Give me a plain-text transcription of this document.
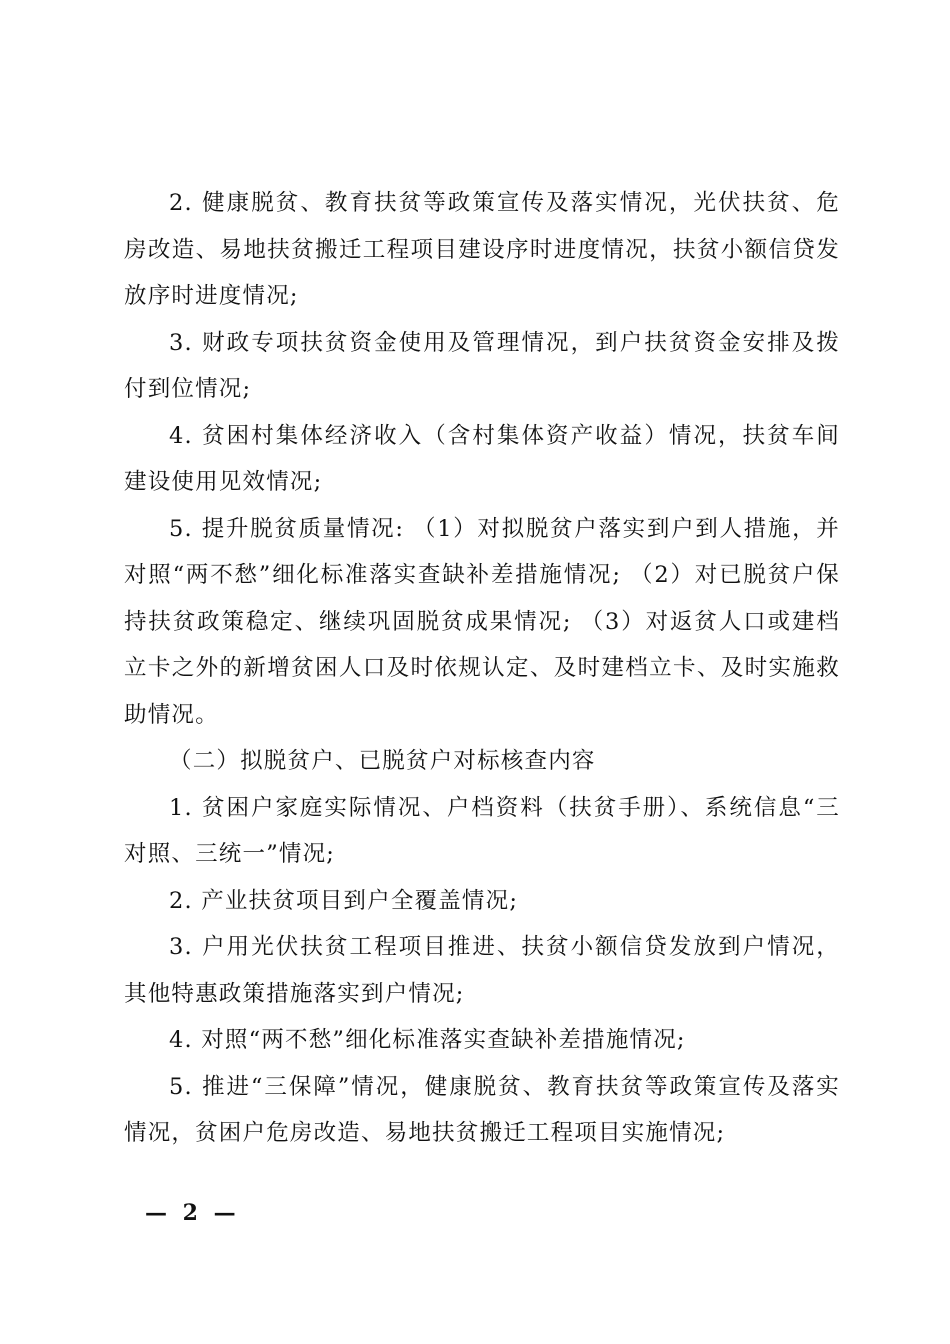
2. 健康脱贫、教育扶贫等政策宣传及落实情况，光伏扶贫、危房改造、易地扶贫搬迁工程项目建设序时进度情况，扶贫小额信贷发放序时进度情况;

3. 财政专项扶贫资金使用及管理情况，到户扶贫资金安排及拨付到位情况;

4. 贫困村集体经济收入（含村集体资产收益）情况，扶贫车间建设使用见效情况;

5. 提升脱贫质量情况: （1）对拟脱贫户落实到户到人措施，并对照“两不愁”细化标准落实查缺补差措施情况; （2）对已脱贫户保持扶贫政策稳定、继续巩固脱贫成果情况; （3）对返贫人口或建档立卡之外的新增贫困人口及时依规认定、及时建档立卡、及时实施救助情况。

（二）拟脱贫户、已脱贫户对标核查内容

1. 贫困户家庭实际情况、户档资料（扶贫手册）、系统信息“三对照、三统一”情况;

2. 产业扶贫项目到户全覆盖情况;

3. 户用光伏扶贫工程项目推进、扶贫小额信贷发放到户情况，其他特惠政策措施落实到户情况;

4. 对照“两不愁”细化标准落实查缺补差措施情况;

5. 推进“三保障”情况，健康脱贫、教育扶贫等政策宣传及落实情况，贫困户危房改造、易地扶贫搬迁工程项目实施情况;

— 2 —
